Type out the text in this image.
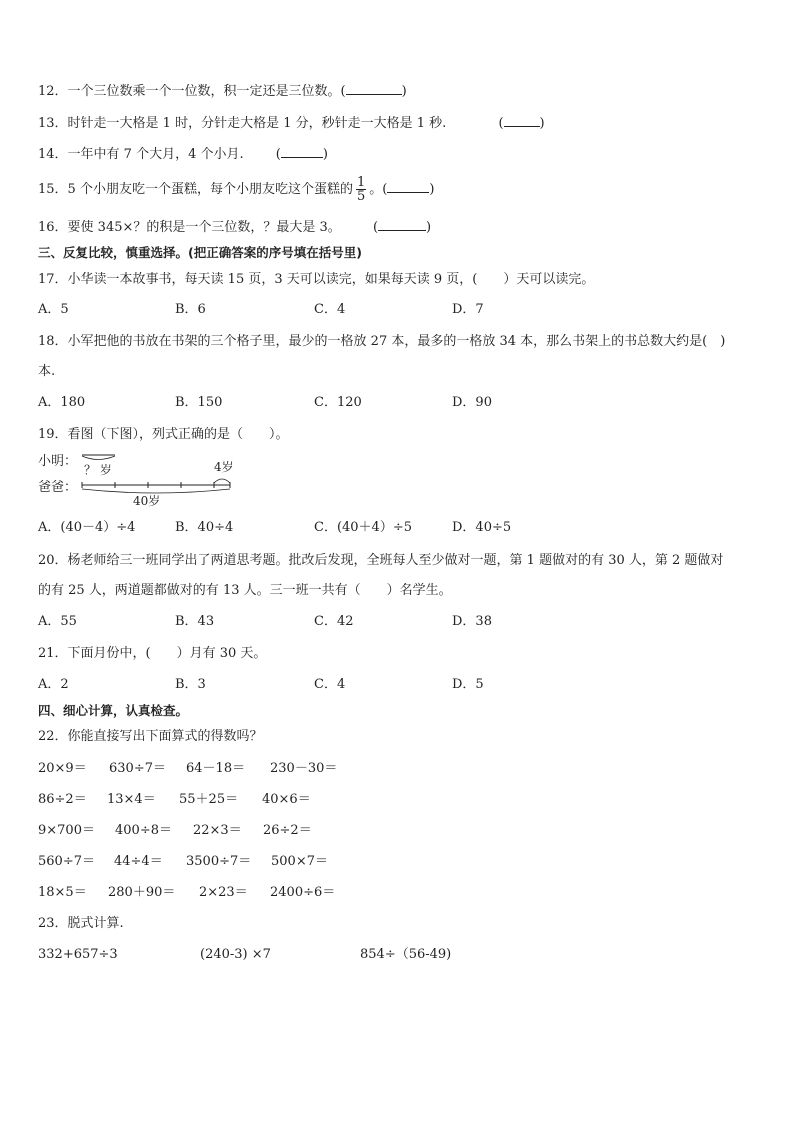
12．一个三位数乘一个一位数，积一定还是三位数。(	)
13．时针走一大格是 1 时，分针走大格是 1 分，秒针走一大格是 1 秒.	(	)
14．一年中有 7 个大月，4 个小月. (	)
15．5 个小朋友吃一个蛋糕，每个小朋友吃这个蛋糕的 $\frac{1}{5}$ 。(	)
16．要使 345×？的积是一个三位数，？最大是 3。 (	)
三、反复比较，慎重选择。(把正确答案的序号填在括号里)
17．小华读一本故事书，每天读 15 页，3 天可以读完，如果每天读 9 页，(　　）天可以读完。
A．5	B．6	C．4	D．7
18．小军把他的书放在书架的三个格子里，最少的一格放 27 本，最多的一格放 34 本，那么书架上的书总数大约是(　)
本.
A．180	B．150	C．120	D．90
19．看图（下图），列式正确的是（　　）。
小明：
爸爸：
？ 岁	4岁
40岁
A．(40－4）÷4	B．40÷4	C．(40＋4）÷5	D．40÷5
20．杨老师给三一班同学出了两道思考题。批改后发现，全班每人至少做对一题，第 1 题做对的有 30 人，第 2 题做对
的有 25 人，两道题都做对的有 13 人。三一班一共有（　　）名学生。
A．55	B．43	C．42	D．38
21．下面月份中，(　　）月有 30 天。
A．2	B．3	C．4	D．5
四、细心计算，认真检查。
22．你能直接写出下面算式的得数吗？
20×9＝ 630÷7＝ 64－18＝ 230－30＝
86÷2＝ 13×4＝ 55＋25＝ 40×6＝
9×700＝ 400÷8＝ 22×3＝ 26÷2＝
560÷7＝ 44÷4＝ 3500÷7＝ 500×7＝
18×5＝ 280＋90＝ 2×23＝ 2400÷6＝
23．脱式计算.
332+657÷3	(240-3) ×7	854÷（56-49)
